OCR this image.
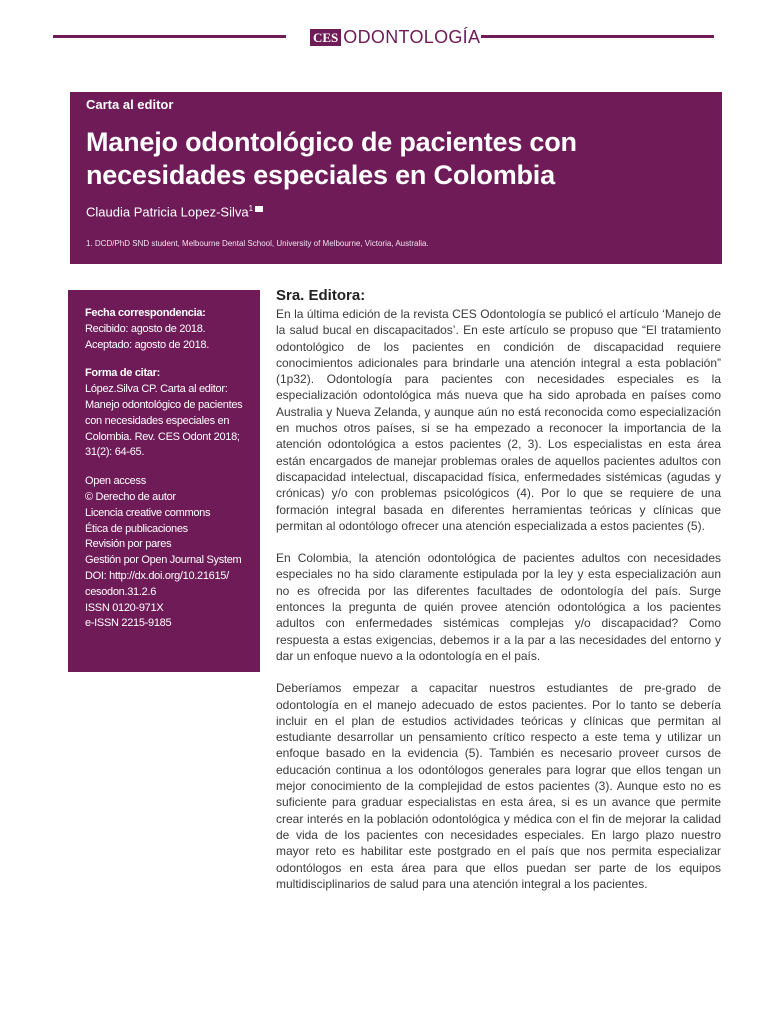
CES ODONTOLOGÍA
Carta al editor
Manejo odontológico de pacientes con necesidades especiales en Colombia
Claudia Patricia Lopez-Silva$^1$
1. DCD/PhD SND student, Melbourne Dental School, University of Melbourne, Victoria, Australia.
Fecha correspondencia:
Recibido: agosto de 2018.
Aceptado: agosto de 2018.
Forma de citar:
López.Silva CP. Carta al editor:
Manejo odontológico de pacientes
con necesidades especiales en
Colombia. Rev. CES Odont 2018;
31(2): 64-65.
Open access
© Derecho de autor
Licencia creative commons
Ética de publicaciones
Revisión por pares
Gestión por Open Journal System
DOI: http://dx.doi.org/10.21615/
cesodon.31.2.6
ISSN 0120-971X
e-ISSN 2215-9185
Sra. Editora:

En la última edición de la revista CES Odontología se publicó el artículo ‘Manejo de la salud bucal en discapacitados’. En este artículo se propuso que “El tratamiento odontológico de los pacientes en condición de discapacidad requiere conocimientos adicionales para brindarle una atención integral a esta población” (1p32). Odontología para pacientes con necesidades especiales es la especialización odontológica más nueva que ha sido aprobada en países como Australia y Nueva Zelanda, y aunque aún no está reconocida como especialización en muchos otros países, si se ha empezado a reconocer la importancia de la atención odontológica a estos pacientes (2, 3). Los especialistas en esta área están encargados de manejar problemas orales de aquellos pacientes adultos con discapacidad intelectual, discapacidad física, enfermedades sistémicas (agudas y crónicas) y/o con problemas psicológicos (4). Por lo que se requiere de una formación integral basada en diferentes herramientas teóricas y clínicas que permitan al odontólogo ofrecer una atención especializada a estos pacientes (5).

En Colombia, la atención odontológica de pacientes adultos con necesidades especiales no ha sido claramente estipulada por la ley y esta especialización aun no es ofrecida por las diferentes facultades de odontología del país. Surge entonces la pregunta de quién provee atención odontológica a los pacientes adultos con enfermedades sistémicas complejas y/o discapacidad? Como respuesta a estas exigencias, debemos ir a la par a las necesidades del entorno y dar un enfoque nuevo a la odontología en el país.

Deberíamos empezar a capacitar nuestros estudiantes de pre-grado de odontología en el manejo adecuado de estos pacientes. Por lo tanto se debería incluir en el plan de estudios actividades teóricas y clínicas que permitan al estudiante desarrollar un pensamiento crítico respecto a este tema y utilizar un enfoque basado en la evidencia (5). También es necesario proveer cursos de educación continua a los odontólogos generales para lograr que ellos tengan un mejor conocimiento de la complejidad de estos pacientes (3). Aunque esto no es suficiente para graduar especialistas en esta área, si es un avance que permite crear interés en la población odontológica y médica con el fin de mejorar la calidad de vida de los pacientes con necesidades especiales. En largo plazo nuestro mayor reto es habilitar este postgrado en el país que nos permita especializar odontólogos en esta área para que ellos puedan ser parte de los equipos multidisciplinarios de salud para una atención integral a los pacientes.
